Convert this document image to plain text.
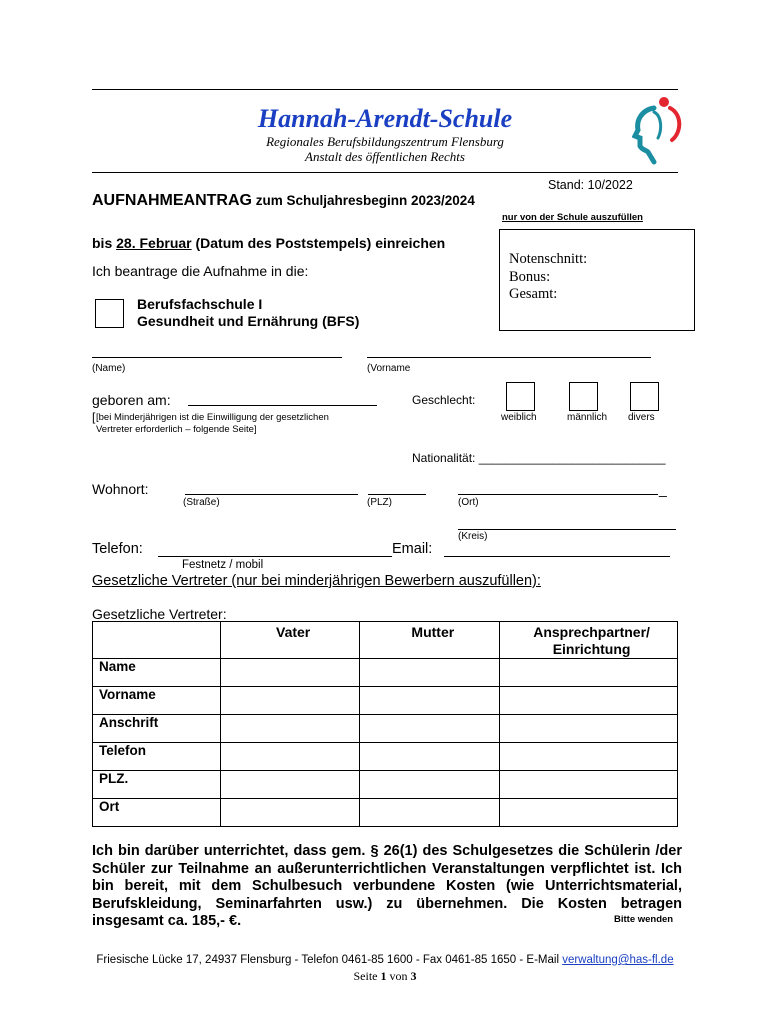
Hannah-Arendt-Schule
Regionales Berufsbildungszentrum Flensburg
Anstalt des öffentlichen Rechts
Stand: 10/2022
AUFNAHMEANTRAG zum Schuljahresbeginn 2023/2024
nur von der Schule auszufüllen
bis 28. Februar (Datum des Poststempels) einreichen
Notenschnitt:
Bonus:
Gesamt:
Ich beantrage die Aufnahme in die:
Berufsfachschule I
Gesundheit und Ernährung (BFS)
(Name)	(Vorname
geboren am:
[ [bei Minderjährigen ist die Einwilligung der gesetzlichen
Vertreter erforderlich – folgende Seite]
Geschlecht:
weiblich	männlich divers
Nationalität: ____________________________
Wohnort:	_
(Straße)	(PLZ)	(Ort)
(Kreis)
Telefon:	Email:
Festnetz / mobil
Gesetzliche Vertreter (nur bei minderjährigen Bewerbern auszufüllen):
Gesetzliche Vertreter:
	Vater	Mutter	Ansprechpartner/
Einrichtung
Name			
Vorname			
Anschrift			
Telefon			
PLZ.			
Ort			
Ich bin darüber unterrichtet, dass gem. § 26(1) des Schulgesetzes die Schülerin /der Schüler zur Teilnahme an außerunterrichtlichen Veranstaltungen verpflichtet ist. Ich bin bereit, mit dem Schulbesuch verbundene Kosten (wie Unterrichtsmaterial, Berufskleidung, Seminarfahrten usw.) zu übernehmen. Die Kosten betragen insgesamt ca. 185,- €.	Bitte wenden
Friesische Lücke 17, 24937 Flensburg - Telefon 0461-85 1600 - Fax 0461-85 1650 - E-Mail verwaltung@has-fl.de
Seite 1 von 3
